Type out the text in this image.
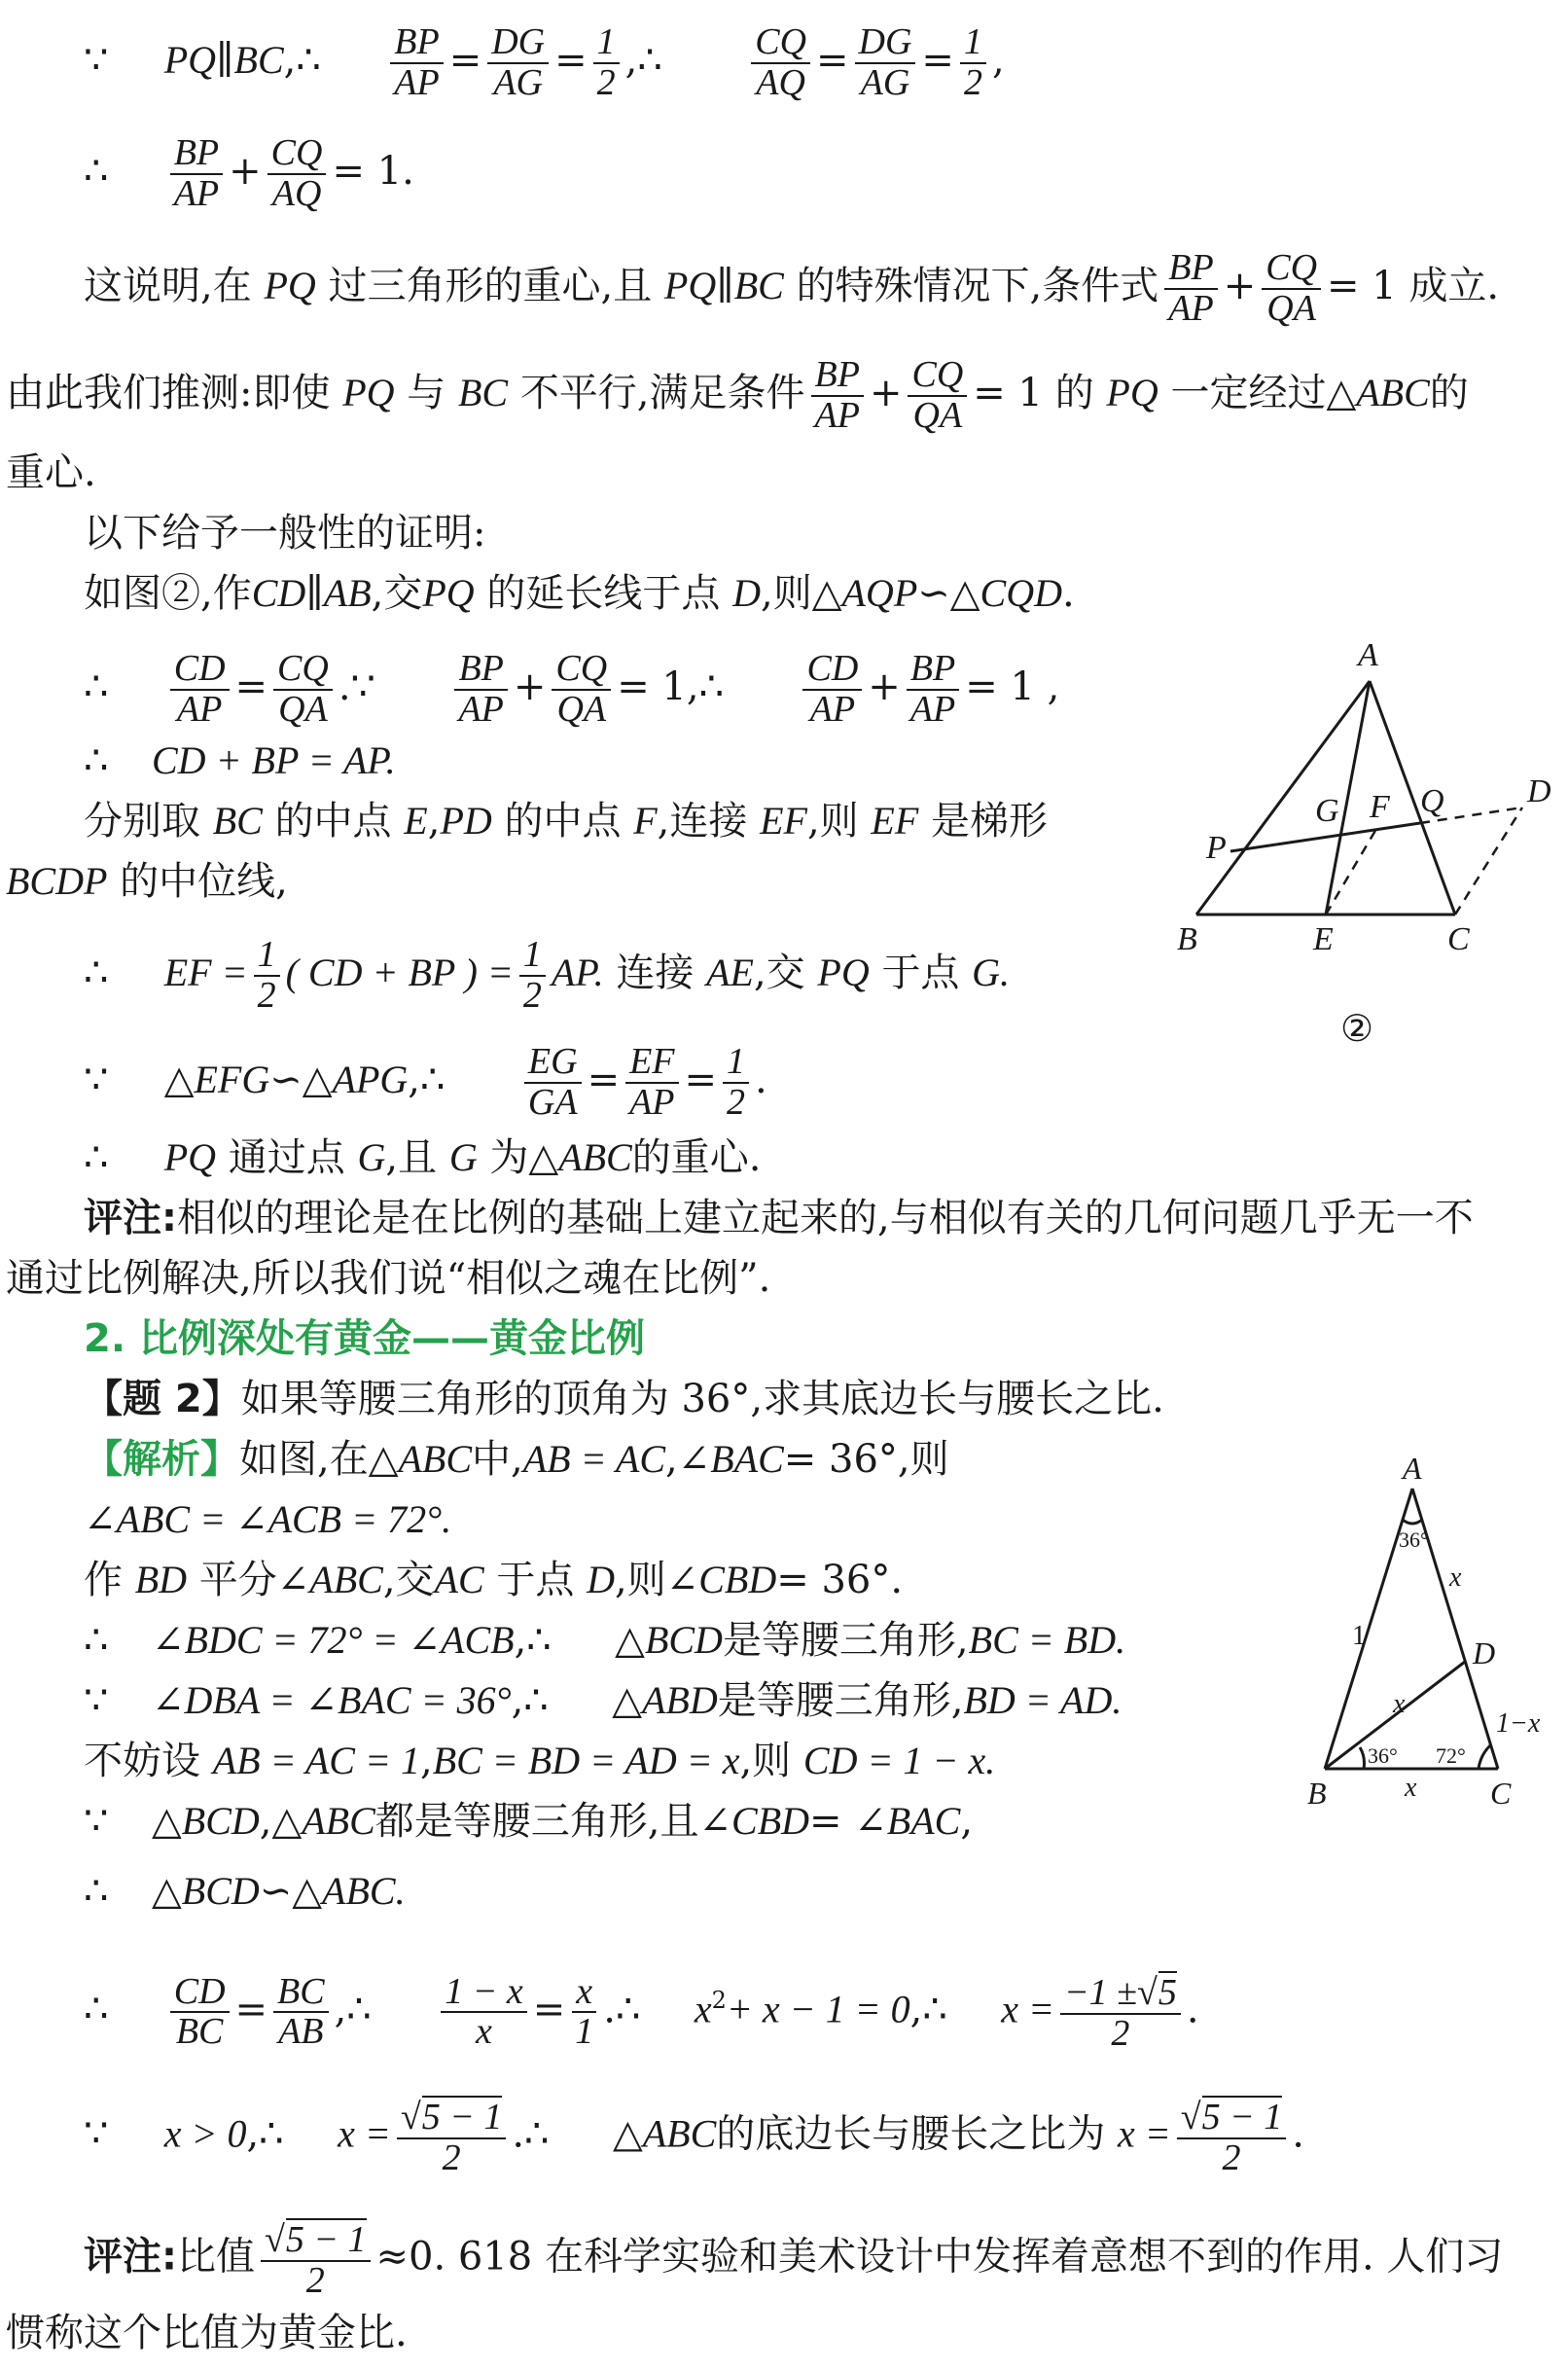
∵ PQ∥BC,∴ $\frac{BP}{AP} = \frac{DG}{AG} = \frac{1}{2}$ ,∴ $\frac{CQ}{AQ} = \frac{DG}{AG} = \frac{1}{2}$ ,
∴ $\frac{BP}{AP} + \frac{CQ}{AQ} = 1$.
这说明,在 PQ 过三角形的重心,且 PQ∥BC 的特殊情况下,条件式 $\frac{BP}{AP} + \frac{CQ}{QA} = 1$ 成立.
由此我们推测:即使 PQ 与 BC 不平行,满足条件 $\frac{BP}{AP} + \frac{CQ}{QA} = 1$ 的 PQ 一定经过△ABC的
重心.
以下给予一般性的证明:
如图②,作CD∥AB,交PQ 的延长线于点 D,则△AQP∽△CQD.
∴ $\frac{CD}{AP} = \frac{CQ}{QA}$ .∵ $\frac{BP}{AP} + \frac{CQ}{QA}$ = 1,∴ $\frac{CD}{AP} + \frac{BP}{AP} = 1$ ,
∴ CD + BP = AP.
分别取 BC 的中点 E,PD 的中点 F,连接 EF,则 EF 是梯形
BCDP 的中位线,
∴ EF = $\frac{1}{2}$ ( CD + BP ) = $\frac{1}{2}$ AP. 连接 AE,交 PQ 于点 G.
∵ △EFG∽△APG,∴ $\frac{EG}{GA} = \frac{EF}{AP} = \frac{1}{2}$ .
∴ PQ 通过点 G,且 G 为△ABC的重心.
评注:相似的理论是在比例的基础上建立起来的,与相似有关的几何问题几乎无一不
通过比例解决,所以我们说“相似之魂在比例”.
2. 比例深处有黄金——黄金比例
【题 2】如果等腰三角形的顶角为 36°,求其底边长与腰长之比.
【解析】如图,在△ABC中,AB = AC,∠BAC= 36°,则
∠ABC = ∠ACB = 72°.
作 BD 平分∠ABC,交AC 于点 D,则∠CBD= 36°.
∴ ∠BDC = 72° = ∠ACB,∴ △BCD是等腰三角形,BC = BD.
∵ ∠DBA = ∠BAC = 36°,∴ △ABD是等腰三角形,BD = AD.
不妨设 AB = AC = 1,BC = BD = AD = x,则 CD = 1 − x.
∵ △BCD,△ABC都是等腰三角形,且∠CBD= ∠BAC,
∴ △BCD∽△ABC.
∴ $\frac{CD}{BC} = \frac{BC}{AB}$ ,∴ $\frac{1 - x}{x} = \frac{x}{1}$ .∴ $x^2+ x - 1$ = 0,∴ $x = \frac{-1 \pm√5}{2}$ .
∵ x > 0,∴ $x = \frac{√5 - 1}{2}$ .∴ △ABC的底边长与腰长之比为 $x = \frac{√5 - 1}{2}$ .
评注:比值 $\frac{√5 - 1}{2} \approx 0$. 618 在科学实验和美术设计中发挥着意想不到的作用. 人们习
惯称这个比值为黄金比.
A
B	C
D
E
F
G
P
Q
②
A
B	C
D
1
x
x
x
1−x
36°
36° 72°
